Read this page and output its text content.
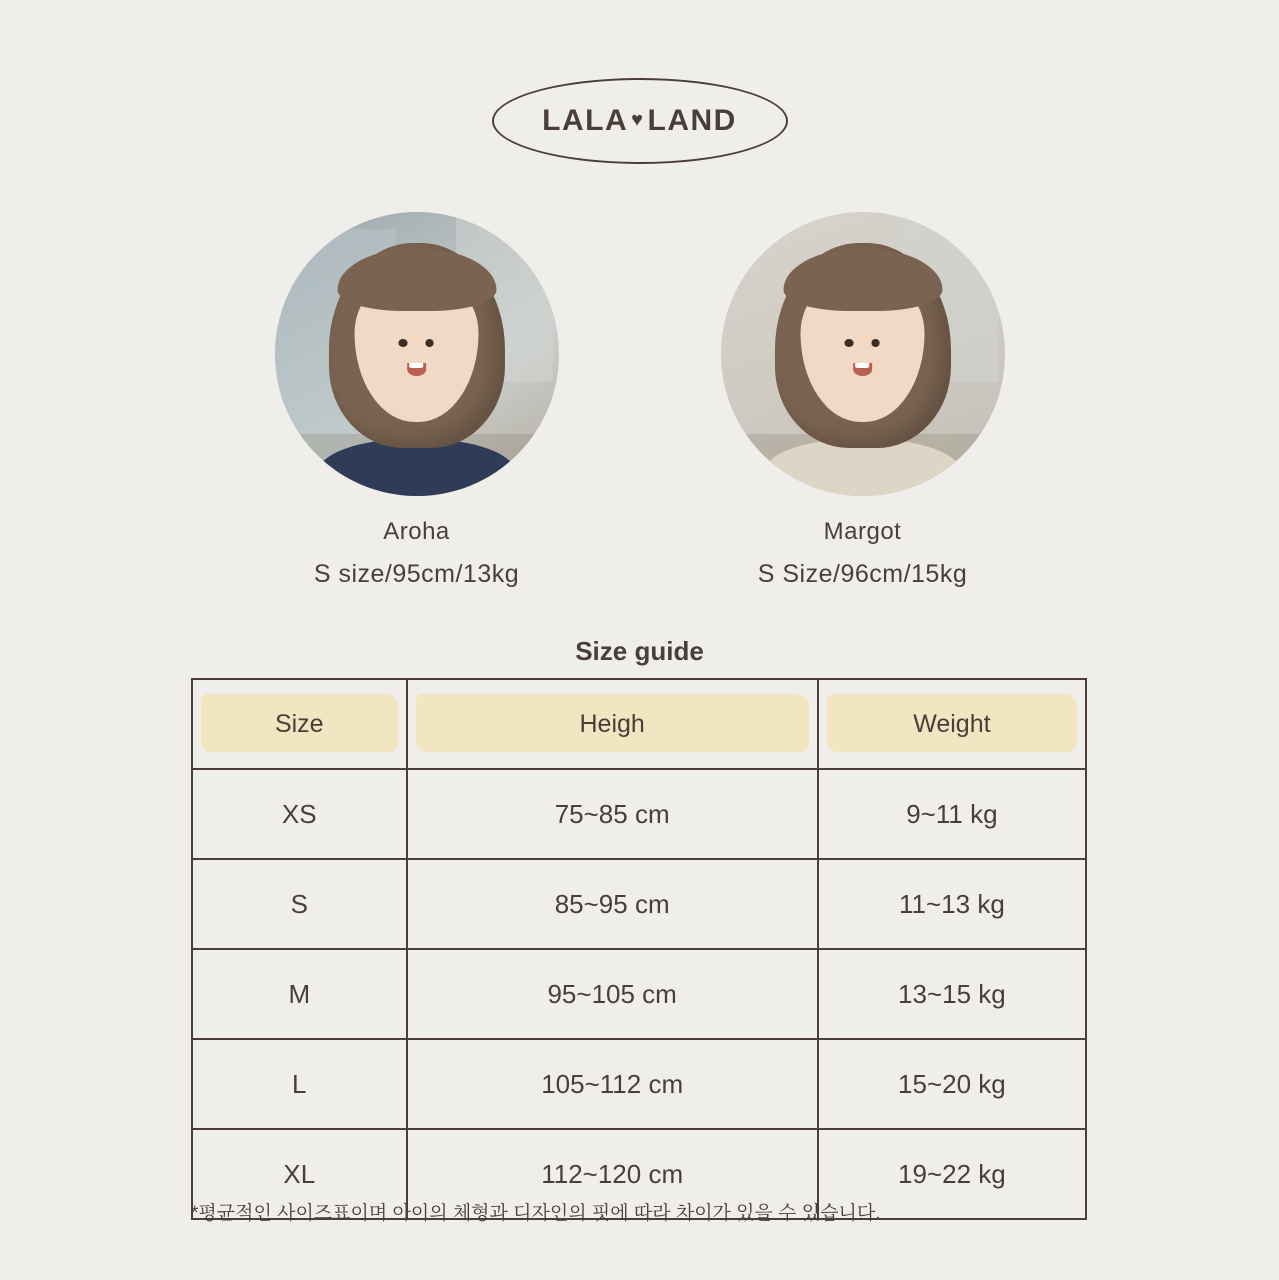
LALA ♥ LAND
Aroha
S size/95cm/13kg
Margot
S Size/96cm/15kg
Size guide
Size	Heigh	Weight
XS	75~85 cm	9~11 kg
S	85~95 cm	11~13 kg
M	95~105 cm	13~15 kg
L	105~112 cm	15~20 kg
XL	112~120 cm	19~22 kg
*평균적인 사이즈표이며 아이의 체형과 디자인의 핏에 따라 차이가 있을 수 있습니다.
